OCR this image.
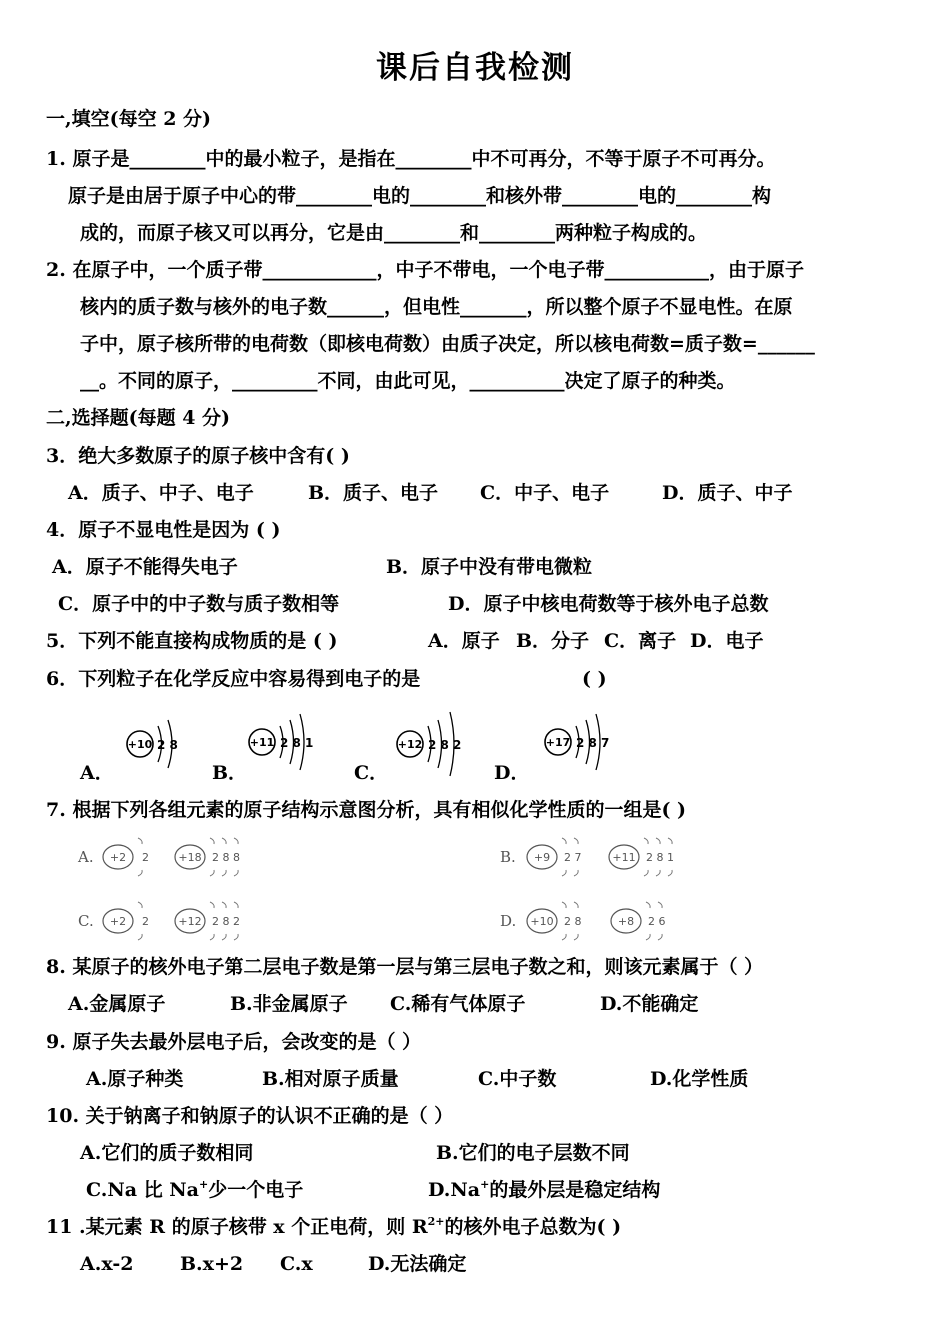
课后自我检测
一,填空(每空 2 分)
1. 原子是________中的最小粒子，是指在________中不可再分，不等于原子不可再分。
原子是由居于原子中心的带________电的________和核外带________电的________构
成的，而原子核又可以再分，它是由________和________两种粒子构成的。
2. 在原子中，一个质子带____________，中子不带电，一个电子带___________，由于原子
核内的质子数与核外的电子数______，但电性_______，所以整个原子不显电性。在原
子中，原子核所带的电荷数（即核电荷数）由质子决定，所以核电荷数=质子数=______
__。不同的原子，_________不同，由此可见，__________决定了原子的种类。
二,选择题(每题 4 分)
3．绝大多数原子的原子核中含有( )
A．质子、中子、电子	B．质子、电子 C．中子、电子	D．质子、中子
4．原子不显电性是因为 ( )
A．原子不能得失电子	B．原子中没有带电微粒
C．原子中的中子数与质子数相等	D．原子中核电荷数等于核外电子总数
5．下列不能直接构成物质的是 ( )	A．原子 B．分子 C．离子 D．电子
6．下列粒子在化学反应中容易得到电子的是	( )
A．	B．	C．	D．
+10 2 8	+11 2 8 1	+12 2 8 2	+17 2 8 7
7. 根据下列各组元素的原子结构示意图分析，具有相似化学性质的一组是( )
A. +2 2	+18 2 8 8	B. +9 2 7	+11 2 8 1
C. +2 2	+12 2 8 2	D. +10 2 8	+8 2 6
8. 某原子的核外电子第二层电子数是第一层与第三层电子数之和，则该元素属于（ ）
A.金属原子	B.非金属原子 C.稀有气体原子	D.不能确定
9. 原子失去最外层电子后，会改变的是（ ）
A.原子种类	B.相对原子质量	C.中子数	D.化学性质
10. 关于钠离子和钠原子的认识不正确的是（ ）
A.它们的质子数相同	B.它们的电子层数不同
C.Na 比 Na+少一个电子	D.Na+的最外层是稳定结构
11 .某元素 R 的原子核带 x 个正电荷，则 $R^{2+}$的核外电子总数为( )
A.x-2 B.x+2 C.x	D.无法确定
